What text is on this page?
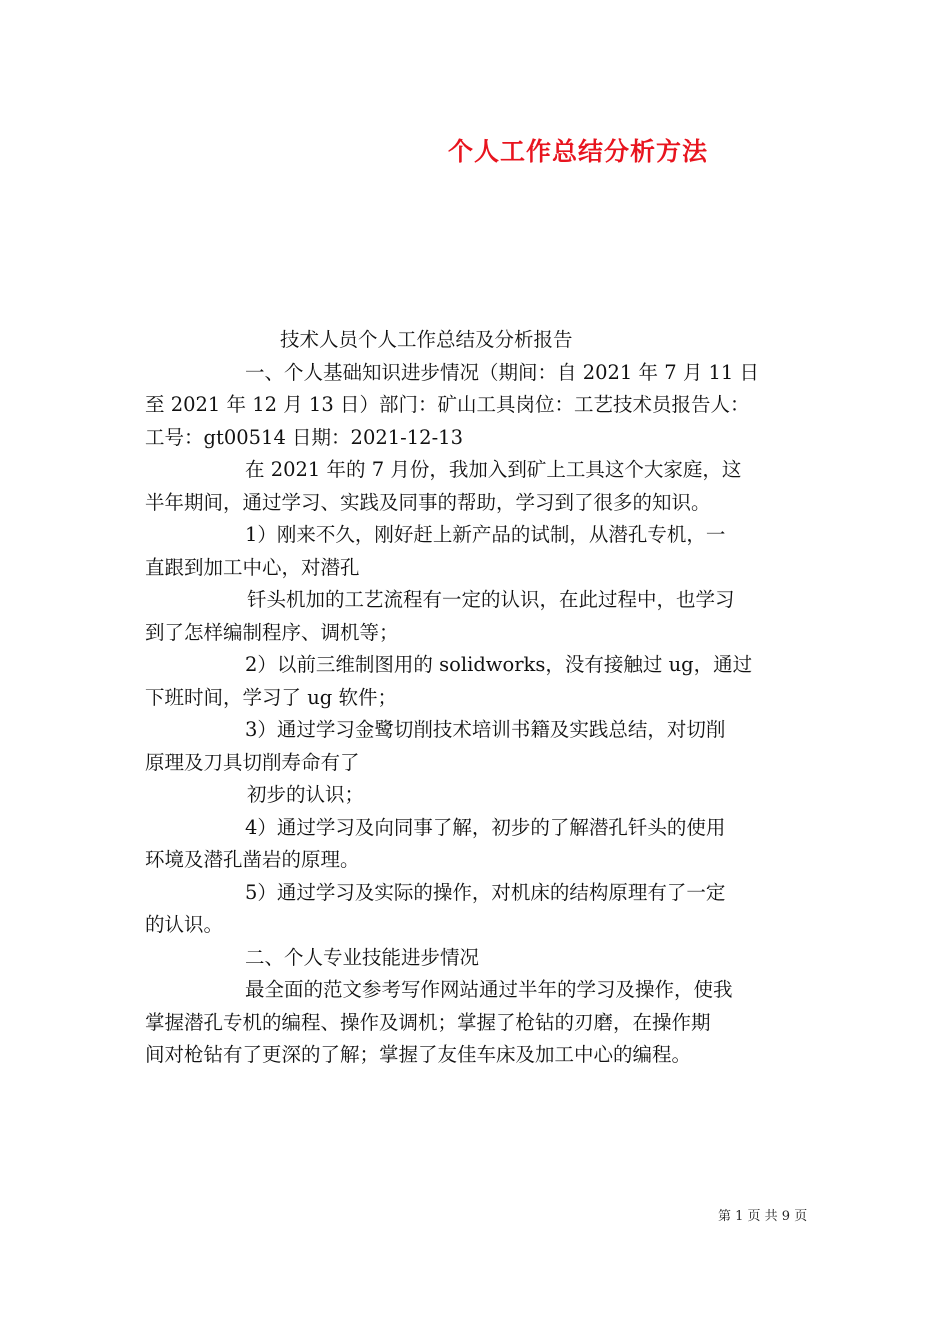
个人工作总结分析方法
技术人员个人工作总结及分析报告
一、个人基础知识进步情况（期间：自 2021 年 7 月 11 日
至 2021 年 12 月 13 日）部门：矿山工具岗位：工艺技术员报告人：
工号：gt00514 日期：2021-12-13
在 2021 年的 7 月份，我加入到矿上工具这个大家庭，这
半年期间，通过学习、实践及同事的帮助，学习到了很多的知识。
1）刚来不久，刚好赶上新产品的试制，从潜孔专机，一
直跟到加工中心，对潜孔
钎头机加的工艺流程有一定的认识，在此过程中，也学习
到了怎样编制程序、调机等；
2）以前三维制图用的 solidworks，没有接触过 ug，通过
下班时间，学习了 ug 软件；
3）通过学习金鹭切削技术培训书籍及实践总结，对切削
原理及刀具切削寿命有了
初步的认识；
4）通过学习及向同事了解，初步的了解潜孔钎头的使用
环境及潜孔凿岩的原理。
5）通过学习及实际的操作，对机床的结构原理有了一定
的认识。
二、个人专业技能进步情况
最全面的范文参考写作网站通过半年的学习及操作，使我
掌握潜孔专机的编程、操作及调机；掌握了枪钻的刃磨，在操作期
间对枪钻有了更深的了解；掌握了友佳车床及加工中心的编程。
第 1 页 共 9 页
